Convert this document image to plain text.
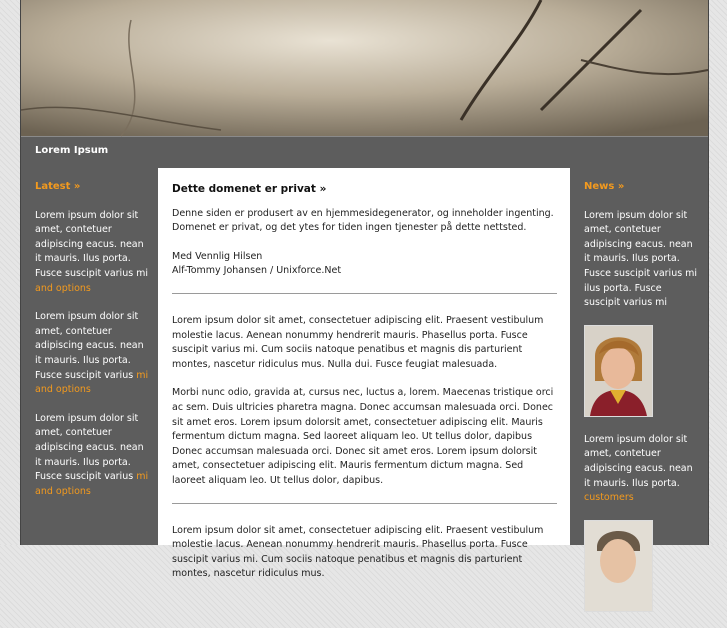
Lorem Ipsum
Latest »

Lorem ipsum dolor sit amet, contetuer adipiscing eacus. nean it mauris. Ilus porta. Fusce suscipit varius mi and options

Lorem ipsum dolor sit amet, contetuer adipiscing eacus. nean it mauris. Ilus porta. Fusce suscipit varius mi and options

Lorem ipsum dolor sit amet, contetuer adipiscing eacus. nean it mauris. Ilus porta. Fusce suscipit varius mi and options

Dette domenet er privat »

Denne siden er produsert av en hjemmesidegenerator, og inneholder ingenting. Domenet er privat, og det ytes for tiden ingen tjenester på dette nettsted.

Med Vennlig Hilsen
Alf-Tommy Johansen / Unixforce.Net

Lorem ipsum dolor sit amet, consectetuer adipiscing elit. Praesent vestibulum molestie lacus. Aenean nonummy hendrerit mauris. Phasellus porta. Fusce suscipit varius mi. Cum sociis natoque penatibus et magnis dis parturient montes, nascetur ridiculus mus. Nulla dui. Fusce feugiat malesuada.

Morbi nunc odio, gravida at, cursus nec, luctus a, lorem. Maecenas tristique orci ac sem. Duis ultricies pharetra magna. Donec accumsan malesuada orci. Donec sit amet eros. Lorem ipsum dolorsit amet, consectetuer adipiscing elit. Mauris fermentum dictum magna. Sed laoreet aliquam leo. Ut tellus dolor, dapibus Donec accumsan malesuada orci. Donec sit amet eros. Lorem ipsum dolorsit amet, consectetuer adipiscing elit. Mauris fermentum dictum magna. Sed laoreet aliquam leo. Ut tellus dolor, dapibus.

Lorem ipsum dolor sit amet, consectetuer adipiscing elit. Praesent vestibulum molestie lacus. Aenean nonummy hendrerit mauris. Phasellus porta. Fusce suscipit varius mi. Cum sociis natoque penatibus et magnis dis parturient montes, nascetur ridiculus mus.

News »

Lorem ipsum dolor sit amet, contetuer adipiscing eacus. nean it mauris. Ilus porta. Fusce suscipit varius mi ilus porta. Fusce suscipit varius mi

Lorem ipsum dolor sit amet, contetuer adipiscing eacus. nean it mauris. Ilus porta.
customers
